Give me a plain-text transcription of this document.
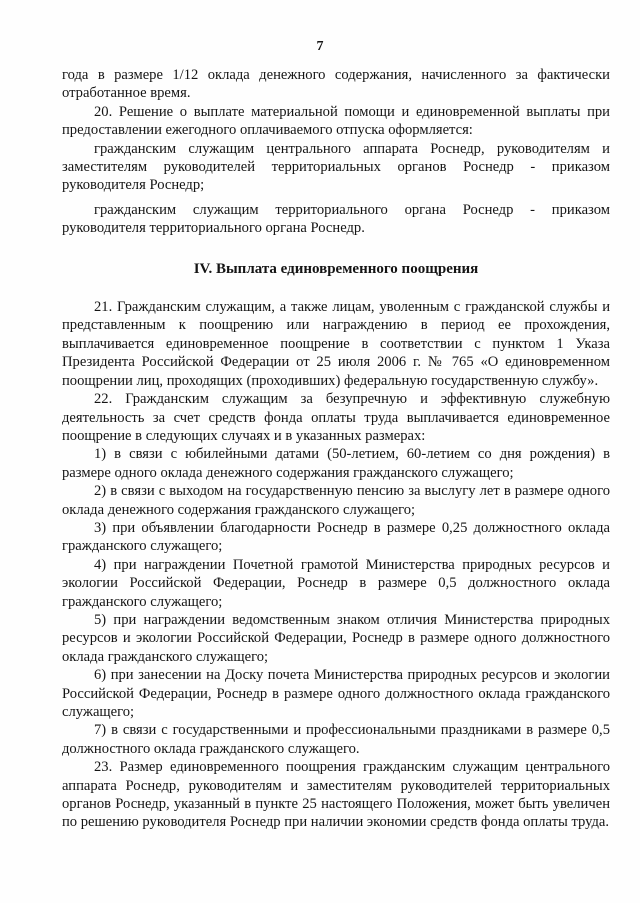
7

года в размере 1/12 оклада денежного содержания, начисленного за фактически отработанное время.

20. Решение о выплате материальной помощи и единовременной выплаты при предоставлении ежегодного оплачиваемого отпуска оформляется:

гражданским служащим центрального аппарата Роснедр, руководителям и заместителям руководителей территориальных органов Роснедр - приказом руководителя Роснедр;

гражданским служащим территориального органа Роснедр - приказом руководителя территориального органа Роснедр.

IV. Выплата единовременного поощрения

21. Гражданским служащим, а также лицам, уволенным с гражданской службы и представленным к поощрению или награждению в период ее прохождения, выплачивается единовременное поощрение в соответствии с пунктом 1 Указа Президента Российской Федерации от 25 июля 2006 г. № 765 «О единовременном поощрении лиц, проходящих (проходивших) федеральную государственную службу».

22. Гражданским служащим за безупречную и эффективную служебную деятельность за счет средств фонда оплаты труда выплачивается единовременное поощрение в следующих случаях и в указанных размерах:

1) в связи с юбилейными датами (50-летием, 60-летием со дня рождения) в размере одного оклада денежного содержания гражданского служащего;

2) в связи с выходом на государственную пенсию за выслугу лет в размере одного оклада денежного содержания гражданского служащего;

3) при объявлении благодарности Роснедр в размере 0,25 должностного оклада гражданского служащего;

4) при награждении Почетной грамотой Министерства природных ресурсов и экологии Российской Федерации, Роснедр в размере 0,5 должностного оклада гражданского служащего;

5) при награждении ведомственным знаком отличия Министерства природных ресурсов и экологии Российской Федерации, Роснедр в размере одного должностного оклада гражданского служащего;

6) при занесении на Доску почета Министерства природных ресурсов и экологии Российской Федерации, Роснедр в размере одного должностного оклада гражданского служащего;

7) в связи с государственными и профессиональными праздниками в размере 0,5 должностного оклада гражданского служащего.

23. Размер единовременного поощрения гражданским служащим центрального аппарата Роснедр, руководителям и заместителям руководителей территориальных органов Роснедр, указанный в пункте 25 настоящего Положения, может быть увеличен по решению руководителя Роснедр при наличии экономии средств фонда оплаты труда.
